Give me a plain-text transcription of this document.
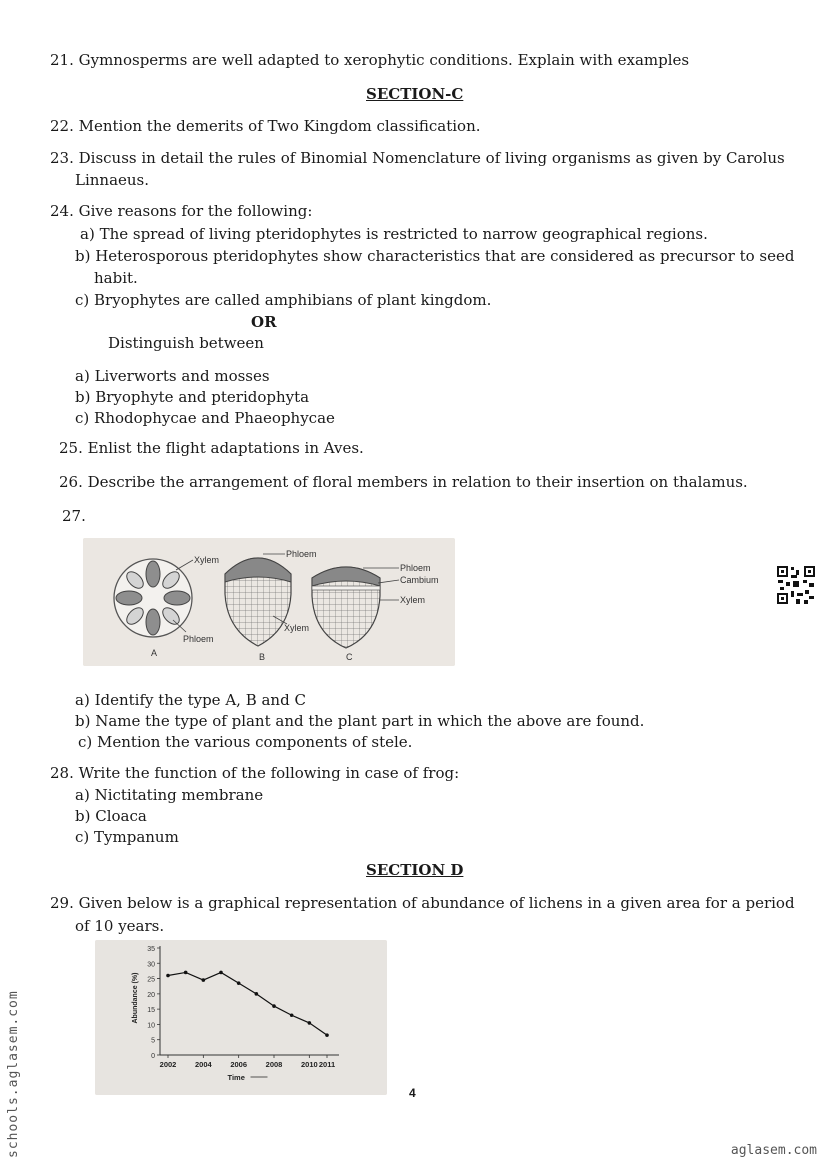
21. Gymnosperms are well adapted to xerophytic conditions. Explain with examples
SECTION-C
22. Mention the demerits of Two Kingdom classification.
23. Discuss in detail the rules of Binomial Nomenclature of living organisms as given by Carolus
Linnaeus.
24. Give reasons for the following:
a) The spread of living pteridophytes is restricted to narrow geographical regions.
b) Heterosporous pteridophytes show characteristics that are considered as precursor to seed
habit.
c) Bryophytes are called amphibians of plant kingdom.
OR
Distinguish between
a) Liverworts and mosses
b) Bryophyte and pteridophyta
c) Rhodophycae and Phaeophycae
25. Enlist the flight adaptations in Aves.
26. Describe the arrangement of floral members in relation to their insertion on thalamus.
27.
Xylem
Phloem
A
Phloem
Xylem
B
Phloem
Cambium
Xylem
C
a) Identify the type A, B and C
b) Name the type of plant and the plant part in which the above are found.
c) Mention the various components of stele.
28. Write the function of the following in case of frog:
a) Nictitating membrane
b) Cloaca
c) Tympanum
SECTION D
29. Given below is a graphical representation of abundance of lichens in a given area for a period
of 10 years.
0
5
10
15
20
25
30
35
2002 2004 2006 2008 2010 2011
Time
Abundance (%)
4
schools.aglasem.com	aglasem.com
